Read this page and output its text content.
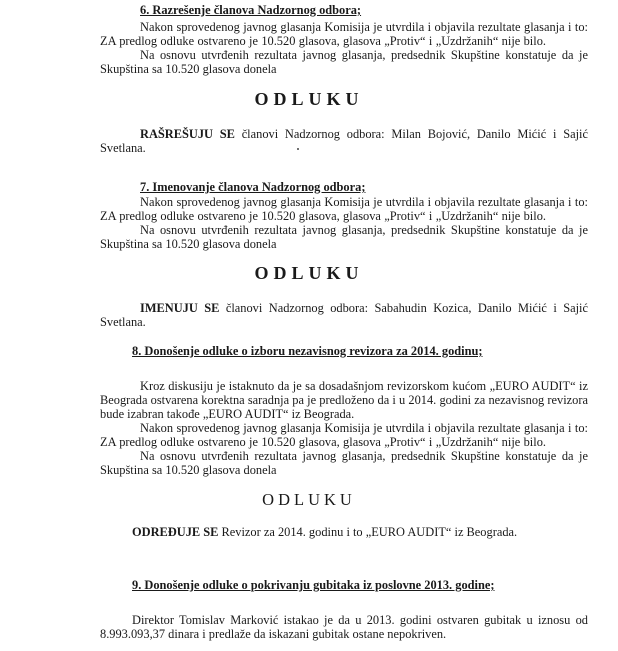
6. Razrešenje članova Nadzornog odbora;
Nakon sprovedenog javnog glasanja Komisija je utvrdila i objavila rezultate glasanja i to:
ZA predlog odluke ostvareno je 10.520 glasova, glasova „Protiv“ i „Uzdržanih“ nije bilo.
Na osnovu utvrđenih rezultata javnog glasanja, predsednik Skupštine konstatuje da je
Skupština sa 10.520 glasova donela
ODLUKU
RAŠREŠUJU SE članovi Nadzornog odbora: Milan Bojović, Danilo Mićić i Sajić
Svetlana.
7. Imenovanje članova Nadzornog odbora;
Nakon sprovedenog javnog glasanja Komisija je utvrdila i objavila rezultate glasanja i to:
ZA predlog odluke ostvareno je 10.520 glasova, glasova „Protiv“ i „Uzdržanih“ nije bilo.
Na osnovu utvrđenih rezultata javnog glasanja, predsednik Skupštine konstatuje da je
Skupština sa 10.520 glasova donela
ODLUKU
IMENUJU SE članovi Nadzornog odbora: Sabahudin Kozica, Danilo Mićić i Sajić
Svetlana.
8. Donošenje odluke o izboru nezavisnog revizora za 2014. godinu;
Kroz diskusiju je istaknuto da je sa dosadašnjom revizorskom kućom „EURO AUDIT“ iz
Beograda ostvarena korektna saradnja pa je predloženo da i u 2014. godini za nezavisnog revizora
bude izabran takođe „EURO AUDIT“ iz Beograda.
Nakon sprovedenog javnog glasanja Komisija je utvrdila i objavila rezultate glasanja i to:
ZA predlog odluke ostvareno je 10.520 glasova, glasova „Protiv“ i „Uzdržanih“ nije bilo.
Na osnovu utvrđenih rezultata javnog glasanja, predsednik Skupštine konstatuje da je
Skupština sa 10.520 glasova donela
ODLUKU
ODREĐUJE SE Revizor za 2014. godinu i to „EURO AUDIT“ iz Beograda.
9. Donošenje odluke o pokrivanju gubitaka iz poslovne 2013. godine;
Direktor Tomislav Marković istakao je da u 2013. godini ostvaren gubitak u iznosu od
8.993.093,37 dinara i predlaže da iskazani gubitak ostane nepokriven.
